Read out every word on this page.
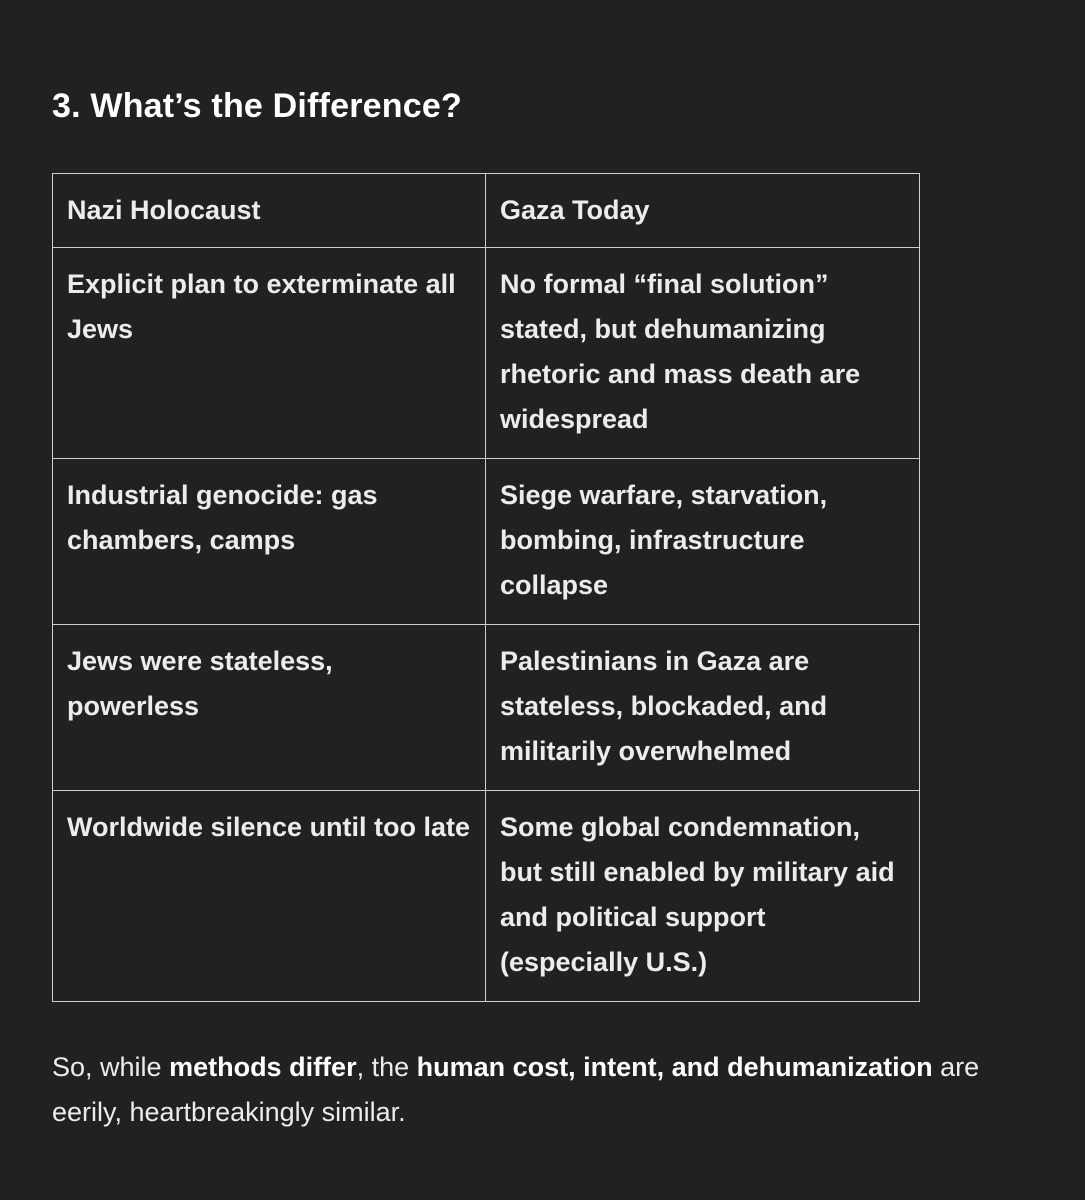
3. What’s the Difference?
Nazi Holocaust	Gaza Today
Explicit plan to exterminate all Jews	No formal “final solution” stated, but dehumanizing rhetoric and mass death are widespread
Industrial genocide: gas chambers, camps	Siege warfare, starvation, bombing, infrastructure collapse
Jews were stateless, powerless	Palestinians in Gaza are stateless, blockaded, and militarily overwhelmed
Worldwide silence until too late	Some global condemnation, but still enabled by military aid and political support (especially U.S.)

So, while methods differ, the human cost, intent, and dehumanization are eerily, heartbreakingly similar.
